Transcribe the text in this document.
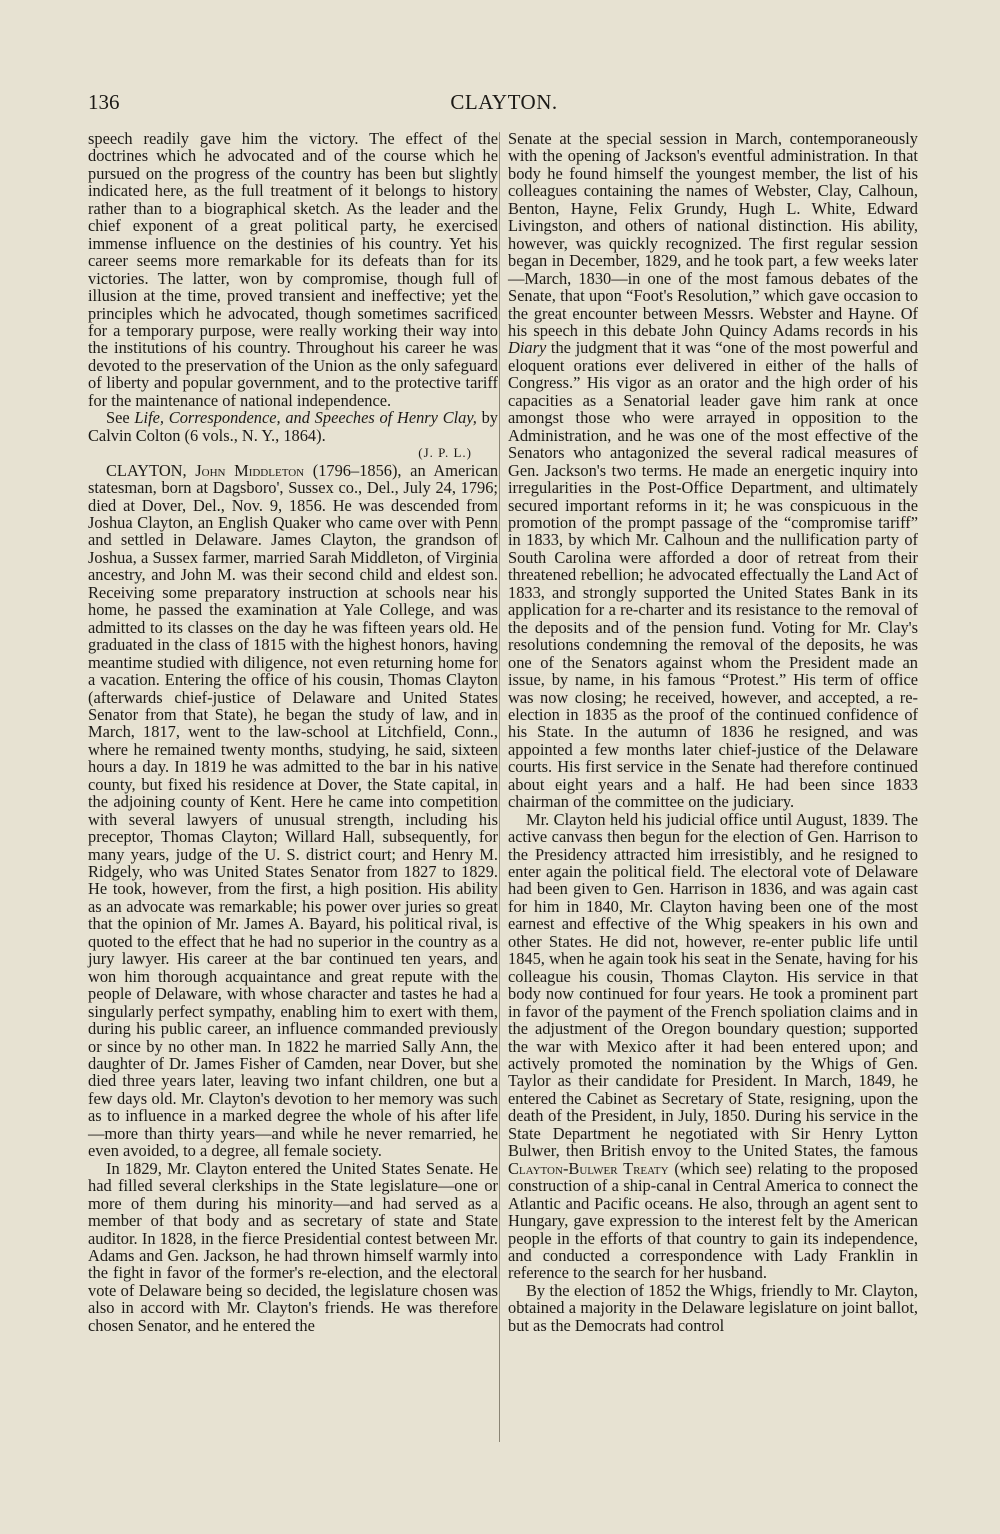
136	CLAYTON.

speech readily gave him the victory. The effect of the doctrines which he advocated and of the course which he pursued on the progress of the country has been but slightly indicated here, as the full treatment of it belongs to history rather than to a biographical sketch. As the leader and the chief exponent of a great political party, he exercised immense influence on the destinies of his country. Yet his career seems more remarkable for its defeats than for its victories. The latter, won by compromise, though full of illusion at the time, proved transient and ineffective; yet the principles which he advocated, though sometimes sacrificed for a temporary purpose, were really working their way into the institutions of his country. Throughout his career he was devoted to the preservation of the Union as the only safeguard of liberty and popular government, and to the protective tariff for the maintenance of national independence.

See Life, Correspondence, and Speeches of Henry Clay, by Calvin Colton (6 vols., N. Y., 1864).

(J. P. L.)

CLAYTON, John Middleton (1796–1856), an American statesman, born at Dagsboro', Sussex co., Del., July 24, 1796; died at Dover, Del., Nov. 9, 1856. He was descended from Joshua Clayton, an English Quaker who came over with Penn and settled in Delaware. James Clayton, the grandson of Joshua, a Sussex farmer, married Sarah Middleton, of Virginia ancestry, and John M. was their second child and eldest son. Receiving some preparatory instruction at schools near his home, he passed the examination at Yale College, and was admitted to its classes on the day he was fifteen years old. He graduated in the class of 1815 with the highest honors, having meantime studied with diligence, not even returning home for a vacation. Entering the office of his cousin, Thomas Clayton (afterwards chief-justice of Delaware and United States Senator from that State), he began the study of law, and in March, 1817, went to the law-school at Litchfield, Conn., where he remained twenty months, studying, he said, sixteen hours a day. In 1819 he was admitted to the bar in his native county, but fixed his residence at Dover, the State capital, in the adjoining county of Kent. Here he came into competition with several lawyers of unusual strength, including his preceptor, Thomas Clayton; Willard Hall, subsequently, for many years, judge of the U. S. district court; and Henry M. Ridgely, who was United States Senator from 1827 to 1829. He took, however, from the first, a high position. His ability as an advocate was remarkable; his power over juries so great that the opinion of Mr. James A. Bayard, his political rival, is quoted to the effect that he had no superior in the country as a jury lawyer. His career at the bar continued ten years, and won him thorough acquaintance and great repute with the people of Delaware, with whose character and tastes he had a singularly perfect sympathy, enabling him to exert with them, during his public career, an influence commanded previously or since by no other man. In 1822 he married Sally Ann, the daughter of Dr. James Fisher of Camden, near Dover, but she died three years later, leaving two infant children, one but a few days old. Mr. Clayton's devotion to her memory was such as to influence in a marked degree the whole of his after life—more than thirty years—and while he never remarried, he even avoided, to a degree, all female society.

In 1829, Mr. Clayton entered the United States Senate. He had filled several clerkships in the State legislature—one or more of them during his minority—and had served as a member of that body and as secretary of state and State auditor. In 1828, in the fierce Presidential contest between Mr. Adams and Gen. Jackson, he had thrown himself warmly into the fight in favor of the former's re-election, and the electoral vote of Delaware being so decided, the legislature chosen was also in accord with Mr. Clayton's friends. He was therefore chosen Senator, and he entered the

Senate at the special session in March, contemporaneously with the opening of Jackson's eventful administration. In that body he found himself the youngest member, the list of his colleagues containing the names of Webster, Clay, Calhoun, Benton, Hayne, Felix Grundy, Hugh L. White, Edward Livingston, and others of national distinction. His ability, however, was quickly recognized. The first regular session began in December, 1829, and he took part, a few weeks later—March, 1830—in one of the most famous debates of the Senate, that upon “Foot's Resolution,” which gave occasion to the great encounter between Messrs. Webster and Hayne. Of his speech in this debate John Quincy Adams records in his Diary the judgment that it was “one of the most powerful and eloquent orations ever delivered in either of the halls of Congress.” His vigor as an orator and the high order of his capacities as a Senatorial leader gave him rank at once amongst those who were arrayed in opposition to the Administration, and he was one of the most effective of the Senators who antagonized the several radical measures of Gen. Jackson's two terms. He made an energetic inquiry into irregularities in the Post-Office Department, and ultimately secured important reforms in it; he was conspicuous in the promotion of the prompt passage of the “compromise tariff” in 1833, by which Mr. Calhoun and the nullification party of South Carolina were afforded a door of retreat from their threatened rebellion; he advocated effectually the Land Act of 1833, and strongly supported the United States Bank in its application for a re-charter and its resistance to the removal of the deposits and of the pension fund. Voting for Mr. Clay's resolutions condemning the removal of the deposits, he was one of the Senators against whom the President made an issue, by name, in his famous “Protest.” His term of office was now closing; he received, however, and accepted, a re-election in 1835 as the proof of the continued confidence of his State. In the autumn of 1836 he resigned, and was appointed a few months later chief-justice of the Delaware courts. His first service in the Senate had therefore continued about eight years and a half. He had been since 1833 chairman of the committee on the judiciary.

Mr. Clayton held his judicial office until August, 1839. The active canvass then begun for the election of Gen. Harrison to the Presidency attracted him irresistibly, and he resigned to enter again the political field. The electoral vote of Delaware had been given to Gen. Harrison in 1836, and was again cast for him in 1840, Mr. Clayton having been one of the most earnest and effective of the Whig speakers in his own and other States. He did not, however, re-enter public life until 1845, when he again took his seat in the Senate, having for his colleague his cousin, Thomas Clayton. His service in that body now continued for four years. He took a prominent part in favor of the payment of the French spoliation claims and in the adjustment of the Oregon boundary question; supported the war with Mexico after it had been entered upon; and actively promoted the nomination by the Whigs of Gen. Taylor as their candidate for President. In March, 1849, he entered the Cabinet as Secretary of State, resigning, upon the death of the President, in July, 1850. During his service in the State Department he negotiated with Sir Henry Lytton Bulwer, then British envoy to the United States, the famous Clayton-Bulwer Treaty (which see) relating to the proposed construction of a ship-canal in Central America to connect the Atlantic and Pacific oceans. He also, through an agent sent to Hungary, gave expression to the interest felt by the American people in the efforts of that country to gain its independence, and conducted a correspondence with Lady Franklin in reference to the search for her husband.

By the election of 1852 the Whigs, friendly to Mr. Clayton, obtained a majority in the Delaware legislature on joint ballot, but as the Democrats had control
